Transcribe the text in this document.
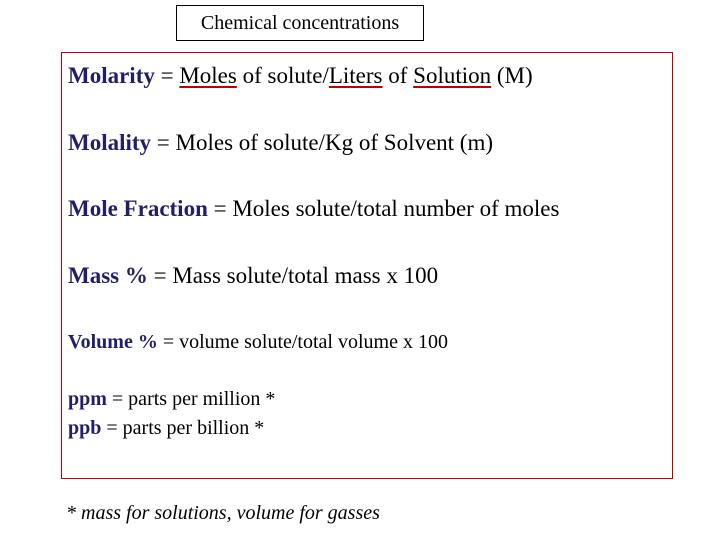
Chemical concentrations
Molarity = Moles of solute/Liters of Solution (M)
Molality = Moles of solute/Kg of Solvent (m)
Mole Fraction = Moles solute/total number of moles
Mass % = Mass solute/total mass x 100
Volume % = volume solute/total volume x 100
ppm = parts per million *
ppb = parts per billion *
* mass for solutions, volume for gasses
